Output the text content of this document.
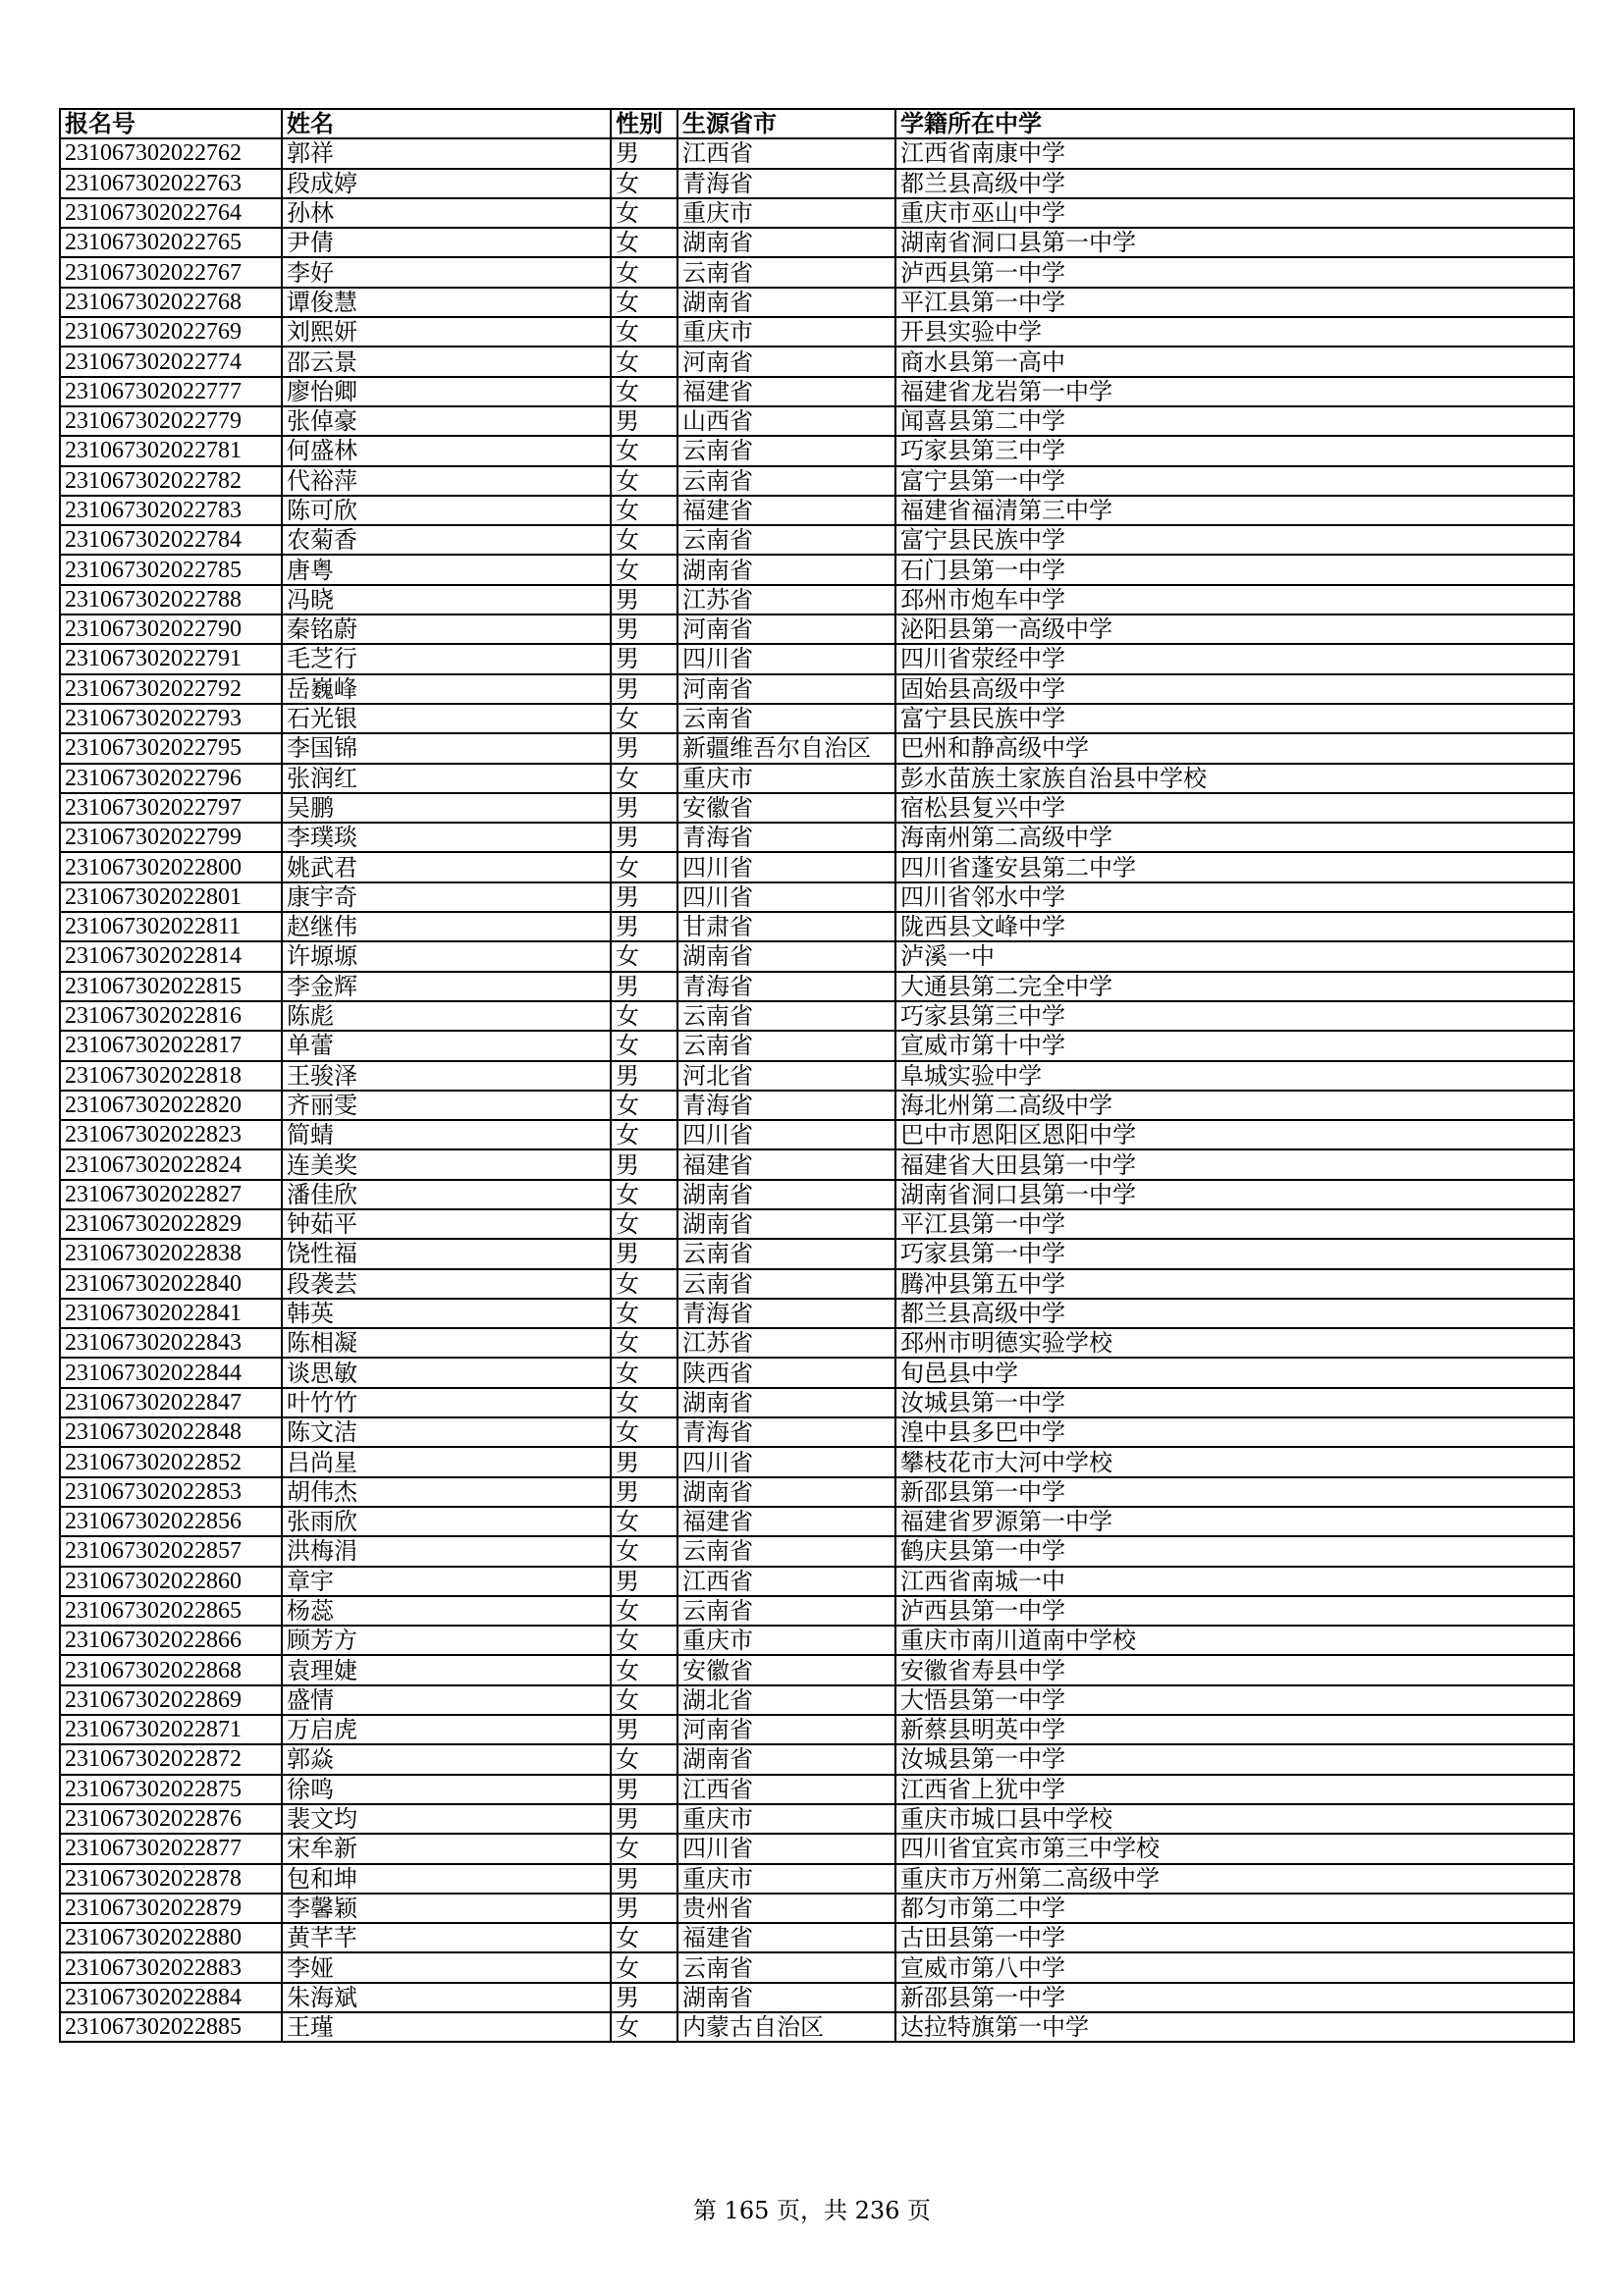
报名号	姓名	性别	生源省市	学籍所在中学
231067302022762	郭祥	男	江西省	江西省南康中学
231067302022763	段成婷	女	青海省	都兰县高级中学
231067302022764	孙林	女	重庆市	重庆市巫山中学
231067302022765	尹倩	女	湖南省	湖南省洞口县第一中学
231067302022767	李好	女	云南省	泸西县第一中学
231067302022768	谭俊慧	女	湖南省	平江县第一中学
231067302022769	刘熙妍	女	重庆市	开县实验中学
231067302022774	邵云景	女	河南省	商水县第一高中
231067302022777	廖怡卿	女	福建省	福建省龙岩第一中学
231067302022779	张倬豪	男	山西省	闻喜县第二中学
231067302022781	何盛林	女	云南省	巧家县第三中学
231067302022782	代裕萍	女	云南省	富宁县第一中学
231067302022783	陈可欣	女	福建省	福建省福清第三中学
231067302022784	农菊香	女	云南省	富宁县民族中学
231067302022785	唐粤	女	湖南省	石门县第一中学
231067302022788	冯晓	男	江苏省	邳州市炮车中学
231067302022790	秦铭蔚	男	河南省	泌阳县第一高级中学
231067302022791	毛芝行	男	四川省	四川省荥经中学
231067302022792	岳巍峰	男	河南省	固始县高级中学
231067302022793	石光银	女	云南省	富宁县民族中学
231067302022795	李国锦	男	新疆维吾尔自治区	巴州和静高级中学
231067302022796	张润红	女	重庆市	彭水苗族土家族自治县中学校
231067302022797	吴鹏	男	安徽省	宿松县复兴中学
231067302022799	李璞琰	男	青海省	海南州第二高级中学
231067302022800	姚武君	女	四川省	四川省蓬安县第二中学
231067302022801	康宇奇	男	四川省	四川省邻水中学
231067302022811	赵继伟	男	甘肃省	陇西县文峰中学
231067302022814	许塬塬	女	湖南省	泸溪一中
231067302022815	李金辉	男	青海省	大通县第二完全中学
231067302022816	陈彪	女	云南省	巧家县第三中学
231067302022817	单蕾	女	云南省	宣威市第十中学
231067302022818	王骏泽	男	河北省	阜城实验中学
231067302022820	齐丽雯	女	青海省	海北州第二高级中学
231067302022823	简蜻	女	四川省	巴中市恩阳区恩阳中学
231067302022824	连美奖	男	福建省	福建省大田县第一中学
231067302022827	潘佳欣	女	湖南省	湖南省洞口县第一中学
231067302022829	钟茹平	女	湖南省	平江县第一中学
231067302022838	饶性福	男	云南省	巧家县第一中学
231067302022840	段袭芸	女	云南省	腾冲县第五中学
231067302022841	韩英	女	青海省	都兰县高级中学
231067302022843	陈相凝	女	江苏省	邳州市明德实验学校
231067302022844	谈思敏	女	陕西省	旬邑县中学
231067302022847	叶竹竹	女	湖南省	汝城县第一中学
231067302022848	陈文洁	女	青海省	湟中县多巴中学
231067302022852	吕尚星	男	四川省	攀枝花市大河中学校
231067302022853	胡伟杰	男	湖南省	新邵县第一中学
231067302022856	张雨欣	女	福建省	福建省罗源第一中学
231067302022857	洪梅涓	女	云南省	鹤庆县第一中学
231067302022860	章宇	男	江西省	江西省南城一中
231067302022865	杨蕊	女	云南省	泸西县第一中学
231067302022866	顾芳方	女	重庆市	重庆市南川道南中学校
231067302022868	袁理婕	女	安徽省	安徽省寿县中学
231067302022869	盛情	女	湖北省	大悟县第一中学
231067302022871	万启虎	男	河南省	新蔡县明英中学
231067302022872	郭焱	女	湖南省	汝城县第一中学
231067302022875	徐鸣	男	江西省	江西省上犹中学
231067302022876	裴文均	男	重庆市	重庆市城口县中学校
231067302022877	宋牟新	女	四川省	四川省宜宾市第三中学校
231067302022878	包和坤	男	重庆市	重庆市万州第二高级中学
231067302022879	李馨颖	男	贵州省	都匀市第二中学
231067302022880	黄芊芊	女	福建省	古田县第一中学
231067302022883	李娅	女	云南省	宣威市第八中学
231067302022884	朱海斌	男	湖南省	新邵县第一中学
231067302022885	王瑾	女	内蒙古自治区	达拉特旗第一中学
第 165 页，共 236 页
